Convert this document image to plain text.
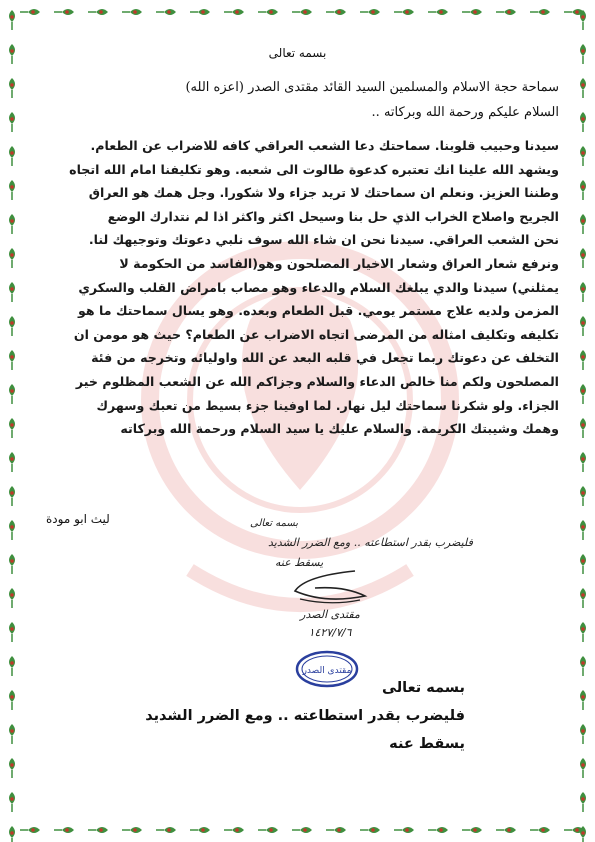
بسمه تعالى
سماحة حجة الاسلام والمسلمين السيد القائد مقتدى الصدر (اعزه الله)
السلام عليكم ورحمة الله وبركاته ..
سيدنا وحبيب قلوبنا. سماحتك دعا الشعب العراقي كافه للاضراب عن الطعام.
ويشهد الله علينا انك تعتبره كدعوة طالوت الى شعبه. وهو تكليفنا امام الله اتجاه
وطننا العزيز. ونعلم ان سماحتك لا تريد جزاء ولا شكورا. وجل همك هو العراق
الجريح واصلاح الخراب الذي حل بنا وسيحل اكثر واكثر اذا لم نتدارك الوضع
نحن الشعب العراقي. سيدنا نحن ان شاء الله سوف نلبي دعوتك وتوجيهك لنا.
ونرفع شعار العراق وشعار الاخيار المصلحون وهو(الفاسد من الحكومة لا
يمثلني) سيدنا والدي يبلغك السلام والدعاء وهو مصاب بامراض القلب والسكري
المزمن ولديه علاج مستمر يومي. قبل الطعام وبعده. وهو يسال سماحتك ما هو
تكليفه وتكليف امثاله من المرضى اتجاه الاضراب عن الطعام؟ حيث هو مومن ان
التخلف عن دعوتك ربما تجعل في قلبه البعد عن الله واوليائه وتخرجه من فئة
المصلحون ولكم منا خالص الدعاء والسلام وجزاكم الله عن الشعب المظلوم خير
الجزاء. ولو شكرنا سماحتك ليل نهار. لما اوفينا جزء بسيط من تعبك وسهرك
وهمك وشيبتك الكريمة. والسلام عليك يا سيد السلام ورحمة الله وبركاته
ليث ابو مودة	بسمه تعالى
فليضرب بقدر استطاعته .. ومع الضرر الشديد
يسقط عنه
مقتدى الصدر
١٤٢٧/٧/٦
مقتدى الصدر
بسمه تعالى
فليضرب بقدر استطاعته .. ومع الضرر الشديد
يسقط عنه
